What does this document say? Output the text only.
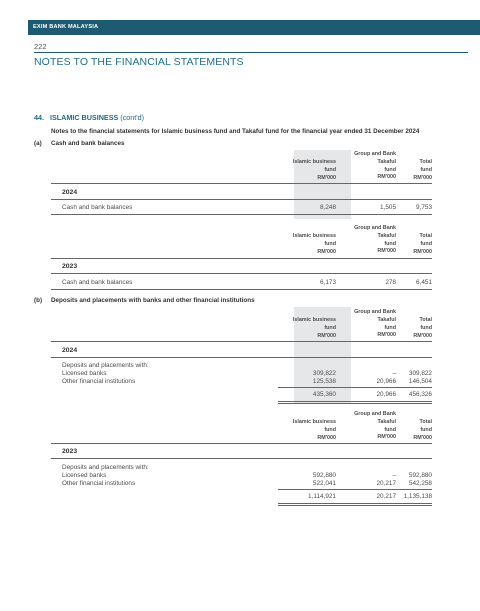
EXIM BANK MALAYSIA
222
NOTES TO THE FINANCIAL STATEMENTS
44. ISLAMIC BUSINESS (cont'd)
Notes to the financial statements for Islamic business fund and Takaful fund for the financial year ended 31 December 2024
(a) Cash and bank balances
Islamic business
fund
RM'000
Group and Bank
Takaful
fund
RM'000
Total
fund
RM'000
2024
Cash and bank balances	8,248	1,505	9,753
Islamic business
fund
RM'000
Group and Bank
Takaful
fund
RM'000
Total
fund
RM'000
2023
Cash and bank balances	6,173	278	6,451
(b) Deposits and placements with banks and other financial institutions
Islamic business
fund
RM'000
Group and Bank
Takaful
fund
RM'000
Total
fund
RM'000
2024
Deposits and placements with:
Licensed banks	309,822	–	309,822
Other financial institutions	125,538	20,966	146,504
435,360	20,966	456,326
Islamic business
fund
RM'000
Group and Bank
Takaful
fund
RM'000
Total
fund
RM'000
2023
Deposits and placements with:
Licensed banks	592,880	–	592,880
Other financial institutions	522,041	20,217	542,258
1,114,921	20,217	1,135,138
